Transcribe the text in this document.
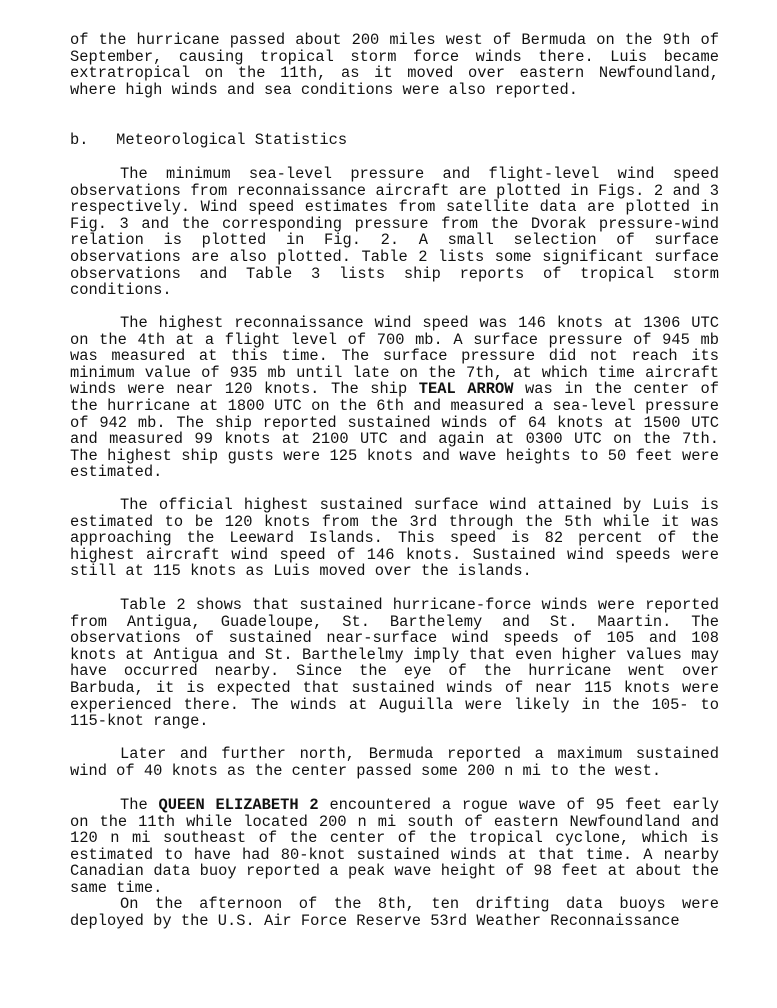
of the hurricane passed about 200 miles west of Bermuda on the 9th of September, causing tropical storm force winds there. Luis became extratropical on the 11th, as it moved over eastern Newfoundland, where high winds and sea conditions were also reported.

b.   Meteorological Statistics

The minimum sea-level pressure and flight-level wind speed observations from reconnaissance aircraft are plotted in Figs. 2 and 3 respectively. Wind speed estimates from satellite data are plotted in Fig. 3 and the corresponding pressure from the Dvorak pressure-wind relation is plotted in Fig. 2. A small selection of surface observations are also plotted. Table 2 lists some significant surface observations and Table 3 lists ship reports of tropical storm conditions.

The highest reconnaissance wind speed was 146 knots at 1306 UTC on the 4th at a flight level of 700 mb. A surface pressure of 945 mb was measured at this time. The surface pressure did not reach its minimum value of 935 mb until late on the 7th, at which time aircraft winds were near 120 knots. The ship TEAL ARROW was in the center of the hurricane at 1800 UTC on the 6th and measured a sea-level pressure of 942 mb. The ship reported sustained winds of 64 knots at 1500 UTC and measured 99 knots at 2100 UTC and again at 0300 UTC on the 7th. The highest ship gusts were 125 knots and wave heights to 50 feet were estimated.

The official highest sustained surface wind attained by Luis is estimated to be 120 knots from the 3rd through the 5th while it was approaching the Leeward Islands. This speed is 82 percent of the highest aircraft wind speed of 146 knots. Sustained wind speeds were still at 115 knots as Luis moved over the islands.

Table 2 shows that sustained hurricane-force winds were reported from Antigua, Guadeloupe, St. Barthelemy and St. Maartin. The observations of sustained near-surface wind speeds of 105 and 108 knots at Antigua and St. Barthelelmy imply that even higher values may have occurred nearby. Since the eye of the hurricane went over Barbuda, it is expected that sustained winds of near 115 knots were experienced there. The winds at Auguilla were likely in the 105- to 115-knot range.

Later and further north, Bermuda reported a maximum sustained wind of 40 knots as the center passed some 200 n mi to the west.

The QUEEN ELIZABETH 2 encountered a rogue wave of 95 feet early on the 11th while located 200 n mi south of eastern Newfoundland and 120 n mi southeast of the center of the tropical cyclone, which is estimated to have had 80-knot sustained winds at that time. A nearby Canadian data buoy reported a peak wave height of 98 feet at about the same time.

On the afternoon of the 8th, ten drifting data buoys were deployed by the U.S. Air Force Reserve 53rd Weather Reconnaissance
